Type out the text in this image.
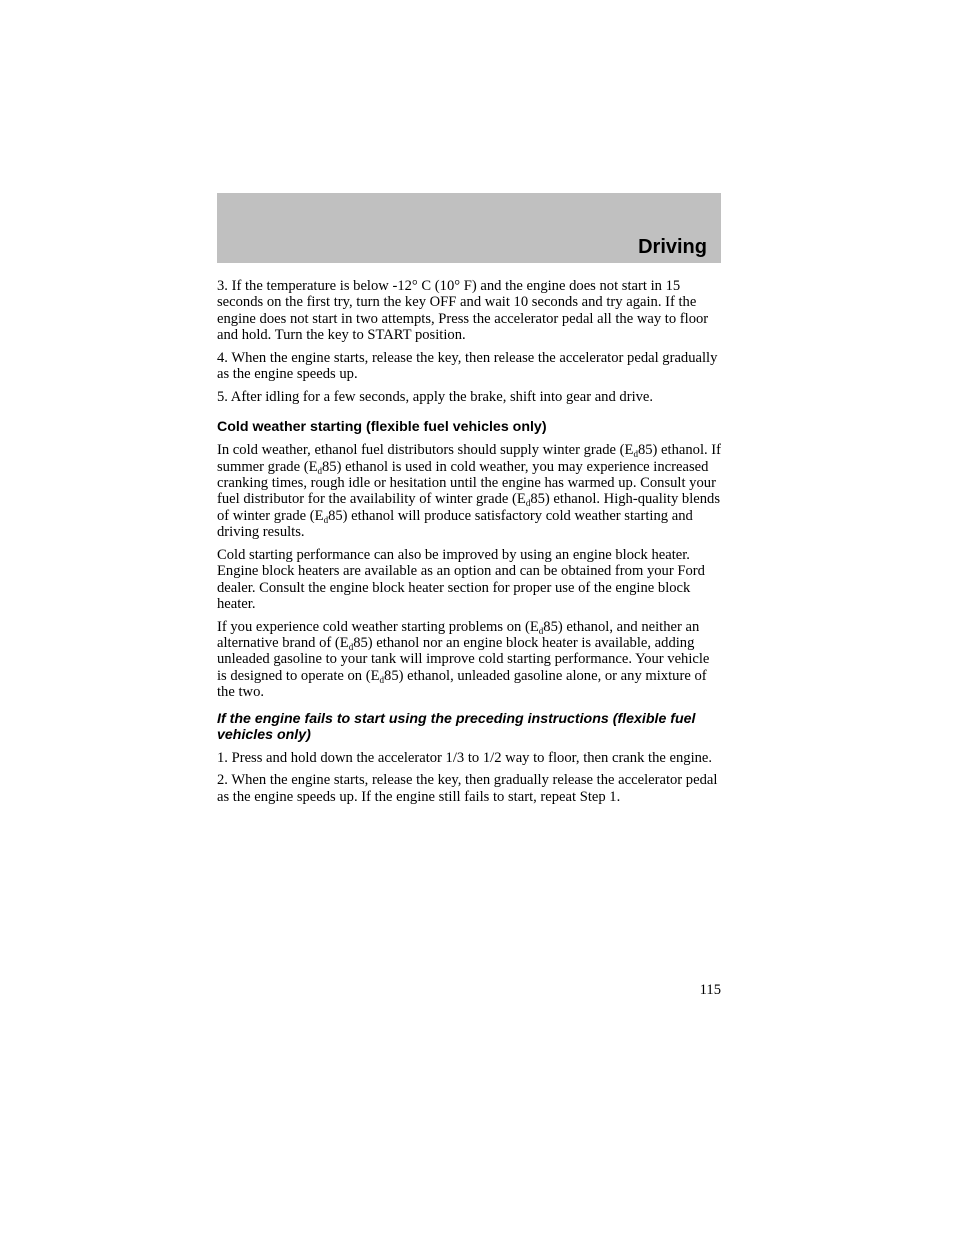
Driving

3. If the temperature is below -12° C (10° F) and the engine does not start in 15 seconds on the first try, turn the key OFF and wait 10 seconds and try again. If the engine does not start in two attempts, Press the accelerator pedal all the way to floor and hold. Turn the key to START position.

4. When the engine starts, release the key, then release the accelerator pedal gradually as the engine speeds up.

5. After idling for a few seconds, apply the brake, shift into gear and drive.

Cold weather starting (flexible fuel vehicles only)

In cold weather, ethanol fuel distributors should supply winter grade $(E_d85)$ ethanol. If summer grade $(E_d85)$ ethanol is used in cold weather, you may experience increased cranking times, rough idle or hesitation until the engine has warmed up. Consult your fuel distributor for the availability of winter grade $(E_d85)$ ethanol. High-quality blends of winter grade $(E_d85)$ ethanol will produce satisfactory cold weather starting and driving results.

Cold starting performance can also be improved by using an engine block heater. Engine block heaters are available as an option and can be obtained from your Ford dealer. Consult the engine block heater section for proper use of the engine block heater.

If you experience cold weather starting problems on $(E_d85)$ ethanol, and neither an alternative brand of $(E_d85)$ ethanol nor an engine block heater is available, adding unleaded gasoline to your tank will improve cold starting performance. Your vehicle is designed to operate on $(E_d85)$ ethanol, unleaded gasoline alone, or any mixture of the two.

If the engine fails to start using the preceding instructions (flexible fuel vehicles only)

1. Press and hold down the accelerator 1/3 to 1/2 way to floor, then crank the engine.

2. When the engine starts, release the key, then gradually release the accelerator pedal as the engine speeds up. If the engine still fails to start, repeat Step 1.

115
